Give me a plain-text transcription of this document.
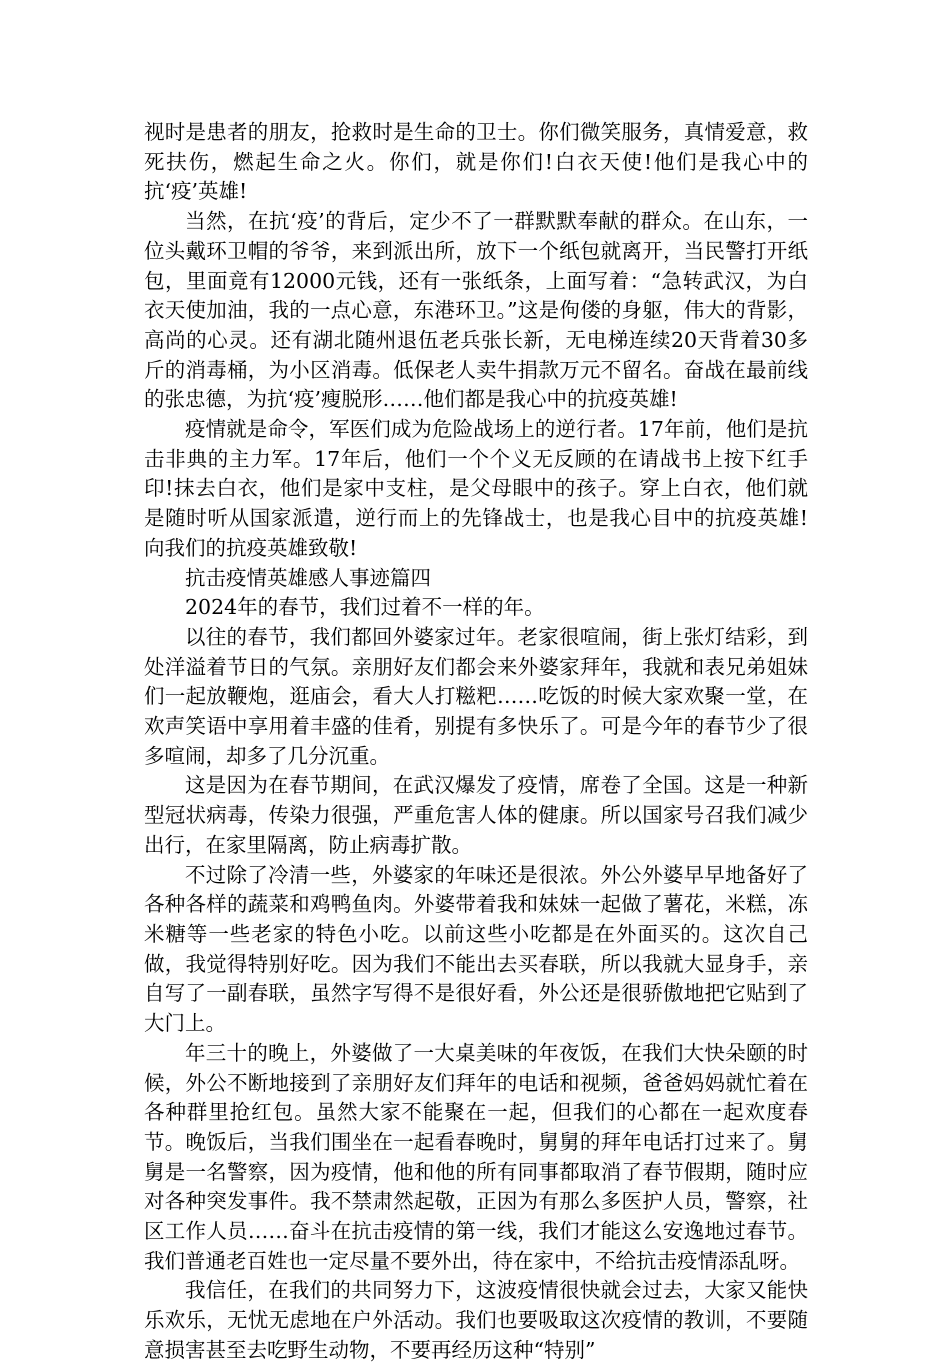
视时是患者的朋友，抢救时是生命的卫士。你们微笑服务，真情爱意，救死扶伤，燃起生命之火。你们，就是你们!白衣天使!他们是我心中的抗‘疫’英雄!

当然，在抗‘疫’的背后，定少不了一群默默奉献的群众。在山东，一位头戴环卫帽的爷爷，来到派出所，放下一个纸包就离开，当民警打开纸包，里面竟有12000元钱，还有一张纸条，上面写着：“急转武汉，为白衣天使加油，我的一点心意，东港环卫。”这是佝偻的身躯，伟大的背影，高尚的心灵。还有湖北随州退伍老兵张长新，无电梯连续20天背着30多斤的消毒桶，为小区消毒。低保老人卖牛捐款万元不留名。奋战在最前线的张忠德，为抗‘疫’瘦脱形……他们都是我心中的抗疫英雄!

疫情就是命令，军医们成为危险战场上的逆行者。17年前，他们是抗击非典的主力军。17年后，他们一个个义无反顾的在请战书上按下红手印!抹去白衣，他们是家中支柱，是父母眼中的孩子。穿上白衣，他们就是随时听从国家派遣，逆行而上的先锋战士，也是我心目中的抗疫英雄!向我们的抗疫英雄致敬!

抗击疫情英雄感人事迹篇四

2024年的春节，我们过着不一样的年。

以往的春节，我们都回外婆家过年。老家很喧闹，街上张灯结彩，到处洋溢着节日的气氛。亲朋好友们都会来外婆家拜年，我就和表兄弟姐妹们一起放鞭炮，逛庙会，看大人打糍粑……吃饭的时候大家欢聚一堂，在欢声笑语中享用着丰盛的佳肴，别提有多快乐了。可是今年的春节少了很多喧闹，却多了几分沉重。

这是因为在春节期间，在武汉爆发了疫情，席卷了全国。这是一种新型冠状病毒，传染力很强，严重危害人体的健康。所以国家号召我们减少出行，在家里隔离，防止病毒扩散。

不过除了冷清一些，外婆家的年味还是很浓。外公外婆早早地备好了各种各样的蔬菜和鸡鸭鱼肉。外婆带着我和妹妹一起做了薯花，米糕，冻米糖等一些老家的特色小吃。以前这些小吃都是在外面买的。这次自己做，我觉得特别好吃。因为我们不能出去买春联，所以我就大显身手，亲自写了一副春联，虽然字写得不是很好看，外公还是很骄傲地把它贴到了大门上。

年三十的晚上，外婆做了一大桌美味的年夜饭，在我们大快朵颐的时候，外公不断地接到了亲朋好友们拜年的电话和视频，爸爸妈妈就忙着在各种群里抢红包。虽然大家不能聚在一起，但我们的心都在一起欢度春节。晚饭后，当我们围坐在一起看春晚时，舅舅的拜年电话打过来了。舅舅是一名警察，因为疫情，他和他的所有同事都取消了春节假期，随时应对各种突发事件。我不禁肃然起敬，正因为有那么多医护人员，警察，社区工作人员……奋斗在抗击疫情的第一线，我们才能这么安逸地过春节。我们普通老百姓也一定尽量不要外出，待在家中，不给抗击疫情添乱呀。

我信任，在我们的共同努力下，这波疫情很快就会过去，大家又能快乐欢乐，无忧无虑地在户外活动。我们也要吸取这次疫情的教训，不要随意损害甚至去吃野生动物，不要再经历这种“特别”
